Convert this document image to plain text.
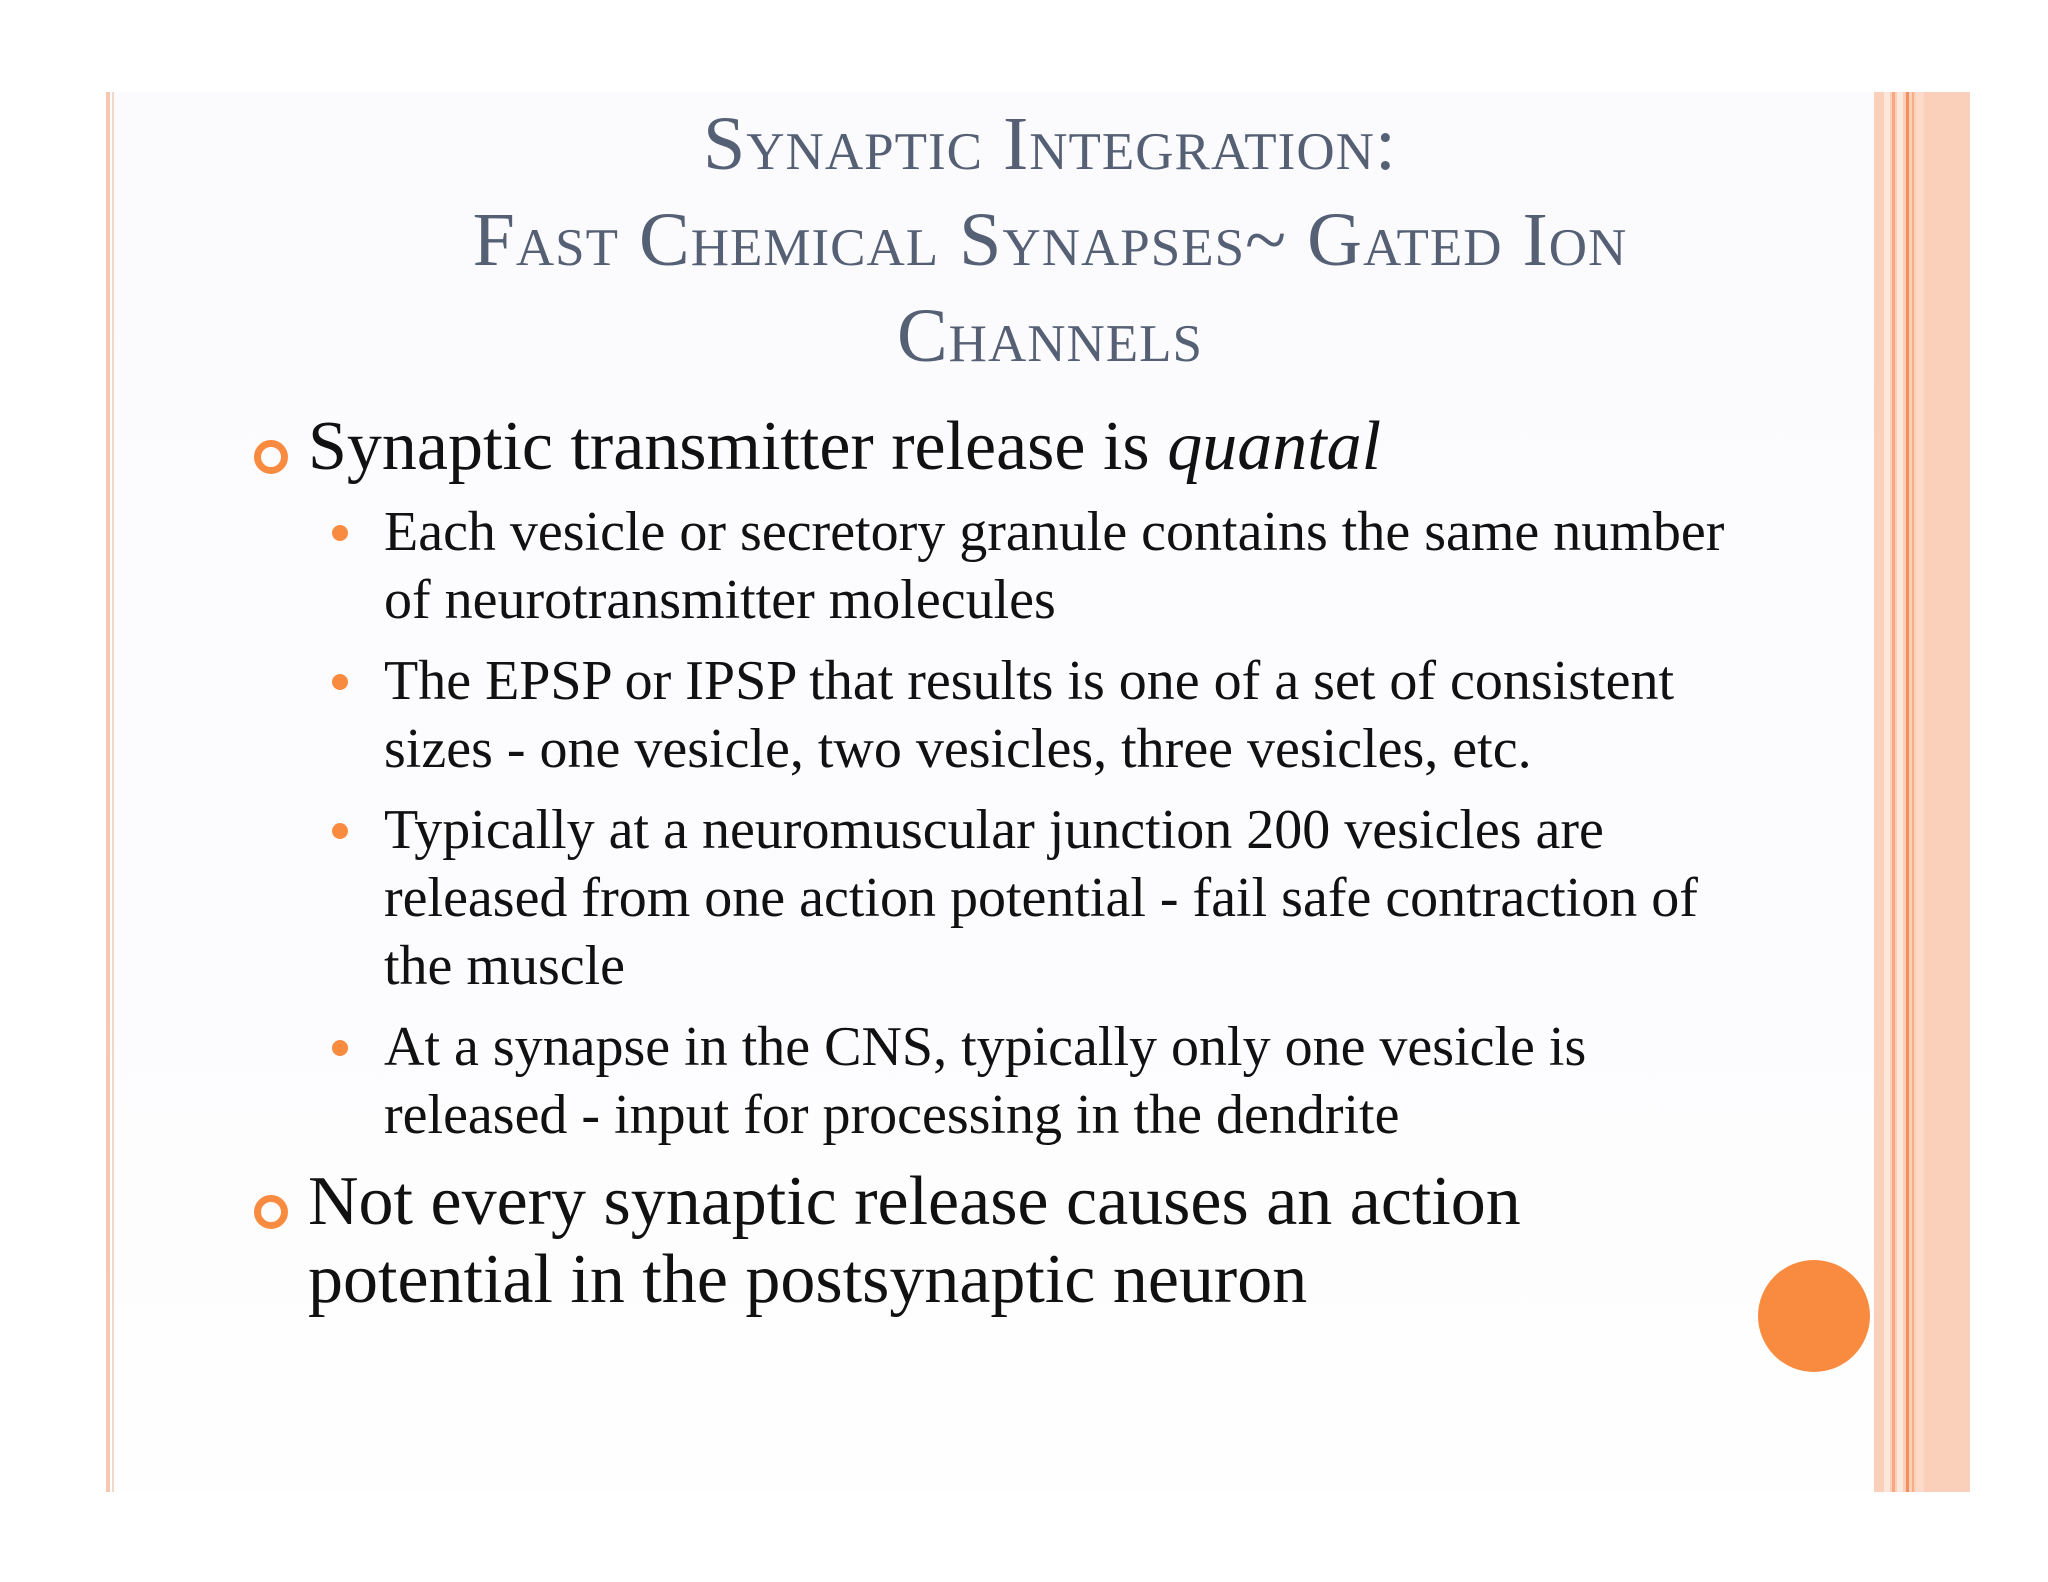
Synaptic Integration:
Fast Chemical Synapses~ Gated Ion
Channels
Synaptic transmitter release is quantal
Each vesicle or secretory granule contains the same number of neurotransmitter molecules
The EPSP or IPSP that results is one of a set of consistent sizes - one vesicle, two vesicles, three vesicles, etc.
Typically at a neuromuscular junction 200 vesicles are released from one action potential - fail safe contraction of the muscle
At a synapse in the CNS, typically only one vesicle is released - input for processing in the dendrite
Not every synaptic release causes an action potential in the postsynaptic neuron
